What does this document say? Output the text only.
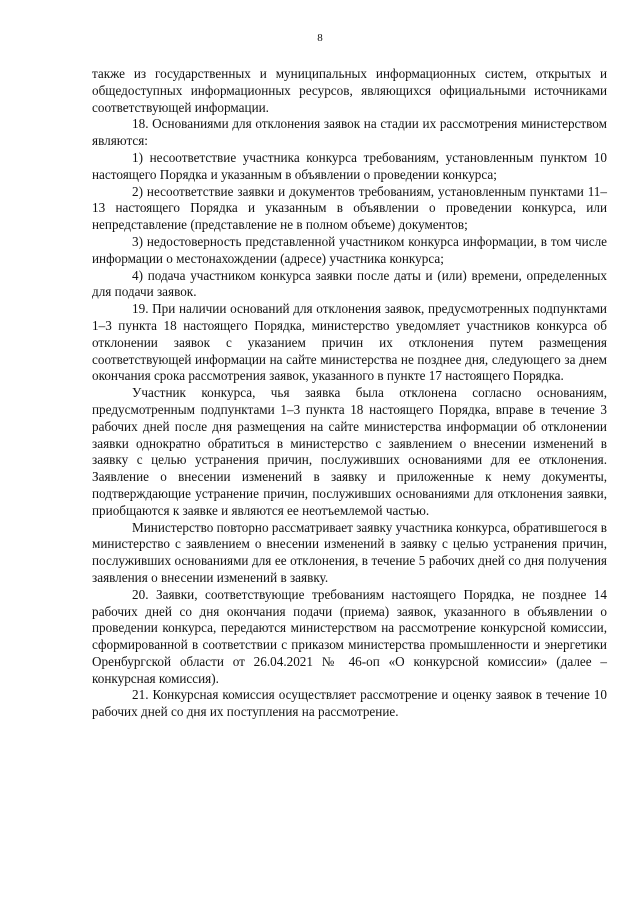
8

также из государственных и муниципальных информационных систем, открытых и общедоступных информационных ресурсов, являющихся официальными источниками соответствующей информации.

18. Основаниями для отклонения заявок на стадии их рассмотрения министерством являются:

1) несоответствие участника конкурса требованиям, установленным пунктом 10 настоящего Порядка и указанным в объявлении о проведении конкурса;

2) несоответствие заявки и документов требованиям, установленным пунктами 11–13 настоящего Порядка и указанным в объявлении о проведении конкурса, или непредставление (представление не в полном объеме) документов;

3) недостоверность представленной участником конкурса информации, в том числе информации о местонахождении (адресе) участника конкурса;

4) подача участником конкурса заявки после даты и (или) времени, определенных для подачи заявок.

19. При наличии оснований для отклонения заявок, предусмотренных подпунктами 1–3 пункта 18 настоящего Порядка, министерство уведомляет участников конкурса об отклонении заявок с указанием причин их отклонения путем размещения соответствующей информации на сайте министерства не позднее дня, следующего за днем окончания срока рассмотрения заявок, указанного в пункте 17 настоящего Порядка.

Участник конкурса, чья заявка была отклонена согласно основаниям, предусмотренным подпунктами 1–3 пункта 18 настоящего Порядка, вправе в течение 3 рабочих дней после дня размещения на сайте министерства информации об отклонении заявки однократно обратиться в министерство с заявлением о внесении изменений в заявку с целью устранения причин, послуживших основаниями для ее отклонения. Заявление о внесении изменений в заявку и приложенные к нему документы, подтверждающие устранение причин, послуживших основаниями для отклонения заявки, приобщаются к заявке и являются ее неотъемлемой частью.

Министерство повторно рассматривает заявку участника конкурса, обратившегося в министерство с заявлением о внесении изменений в заявку с целью устранения причин, послуживших основаниями для ее отклонения, в течение 5 рабочих дней со дня получения заявления о внесении изменений в заявку.

20. Заявки, соответствующие требованиям настоящего Порядка, не позднее 14 рабочих дней со дня окончания подачи (приема) заявок, указанного в объявлении о проведении конкурса, передаются министерством на рассмотрение конкурсной комиссии, сформированной в соответствии с приказом министерства промышленности и энергетики Оренбургской области от 26.04.2021 № 46-оп «О конкурсной комиссии» (далее – конкурсная комиссия).

21. Конкурсная комиссия осуществляет рассмотрение и оценку заявок в течение 10 рабочих дней со дня их поступления на рассмотрение.
